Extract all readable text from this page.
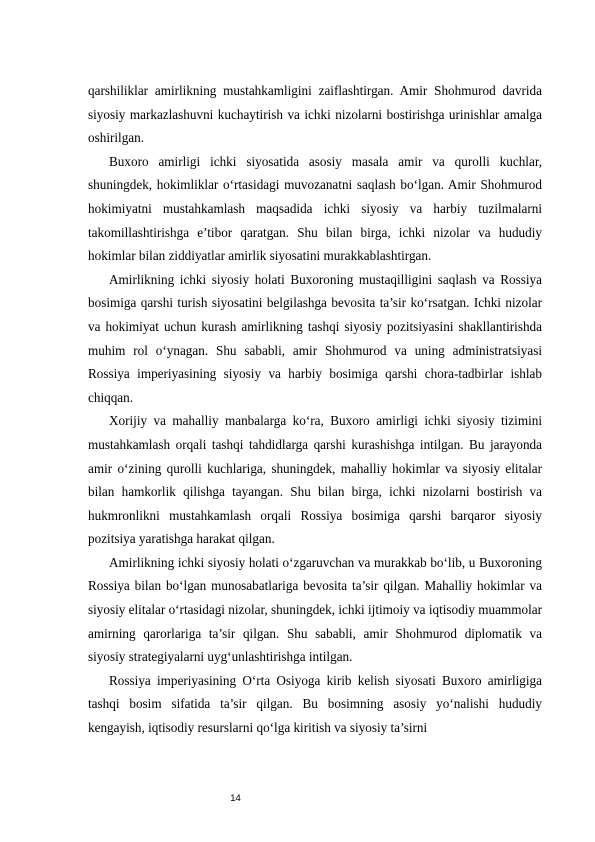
qarshiliklar amirlikning mustahkamligini zaiflashtirgan. Amir Shohmurod davrida siyosiy markazlashuvni kuchaytirish va ichki nizolarni bostirishga urinishlar amalga oshirilgan.

Buxoro amirligi ichki siyosatida asosiy masala amir va qurolli kuchlar, shuningdek, hokimliklar o‘rtasidagi muvozanatni saqlash bo‘lgan. Amir Shohmurod hokimiyatni mustahkamlash maqsadida ichki siyosiy va harbiy tuzilmalarni takomillashtirishga e’tibor qaratgan. Shu bilan birga, ichki nizolar va hududiy hokimlar bilan ziddiyatlar amirlik siyosatini murakkablashtirgan.

Amirlikning ichki siyosiy holati Buxoroning mustaqilligini saqlash va Rossiya bosimiga qarshi turish siyosatini belgilashga bevosita ta’sir ko‘rsatgan. Ichki nizolar va hokimiyat uchun kurash amirlikning tashqi siyosiy pozitsiyasini shakllantirishda muhim rol o‘ynagan. Shu sababli, amir Shohmurod va uning administratsiyasi Rossiya imperiyasining siyosiy va harbiy bosimiga qarshi chora-tadbirlar ishlab chiqqan.

Xorijiy va mahalliy manbalarga ko‘ra, Buxoro amirligi ichki siyosiy tizimini mustahkamlash orqali tashqi tahdidlarga qarshi kurashishga intilgan. Bu jarayonda amir o‘zining qurolli kuchlariga, shuningdek, mahalliy hokimlar va siyosiy elitalar bilan hamkorlik qilishga tayangan. Shu bilan birga, ichki nizolarni bostirish va hukmronlikni mustahkamlash orqali Rossiya bosimiga qarshi barqaror siyosiy pozitsiya yaratishga harakat qilgan.

Amirlikning ichki siyosiy holati o‘zgaruvchan va murakkab bo‘lib, u Buxoroning Rossiya bilan bo‘lgan munosabatlariga bevosita ta’sir qilgan. Mahalliy hokimlar va siyosiy elitalar o‘rtasidagi nizolar, shuningdek, ichki ijtimoiy va iqtisodiy muammolar amirning qarorlariga ta’sir qilgan. Shu sababli, amir Shohmurod diplomatik va siyosiy strategiyalarni uyg‘unlashtirishga intilgan.

Rossiya imperiyasining O‘rta Osiyoga kirib kelish siyosati Buxoro amirligiga tashqi bosim sifatida ta’sir qilgan. Bu bosimning asosiy yo‘nalishi hududiy kengayish, iqtisodiy resurslarni qo‘lga kiritish va siyosiy ta’sirni

14
